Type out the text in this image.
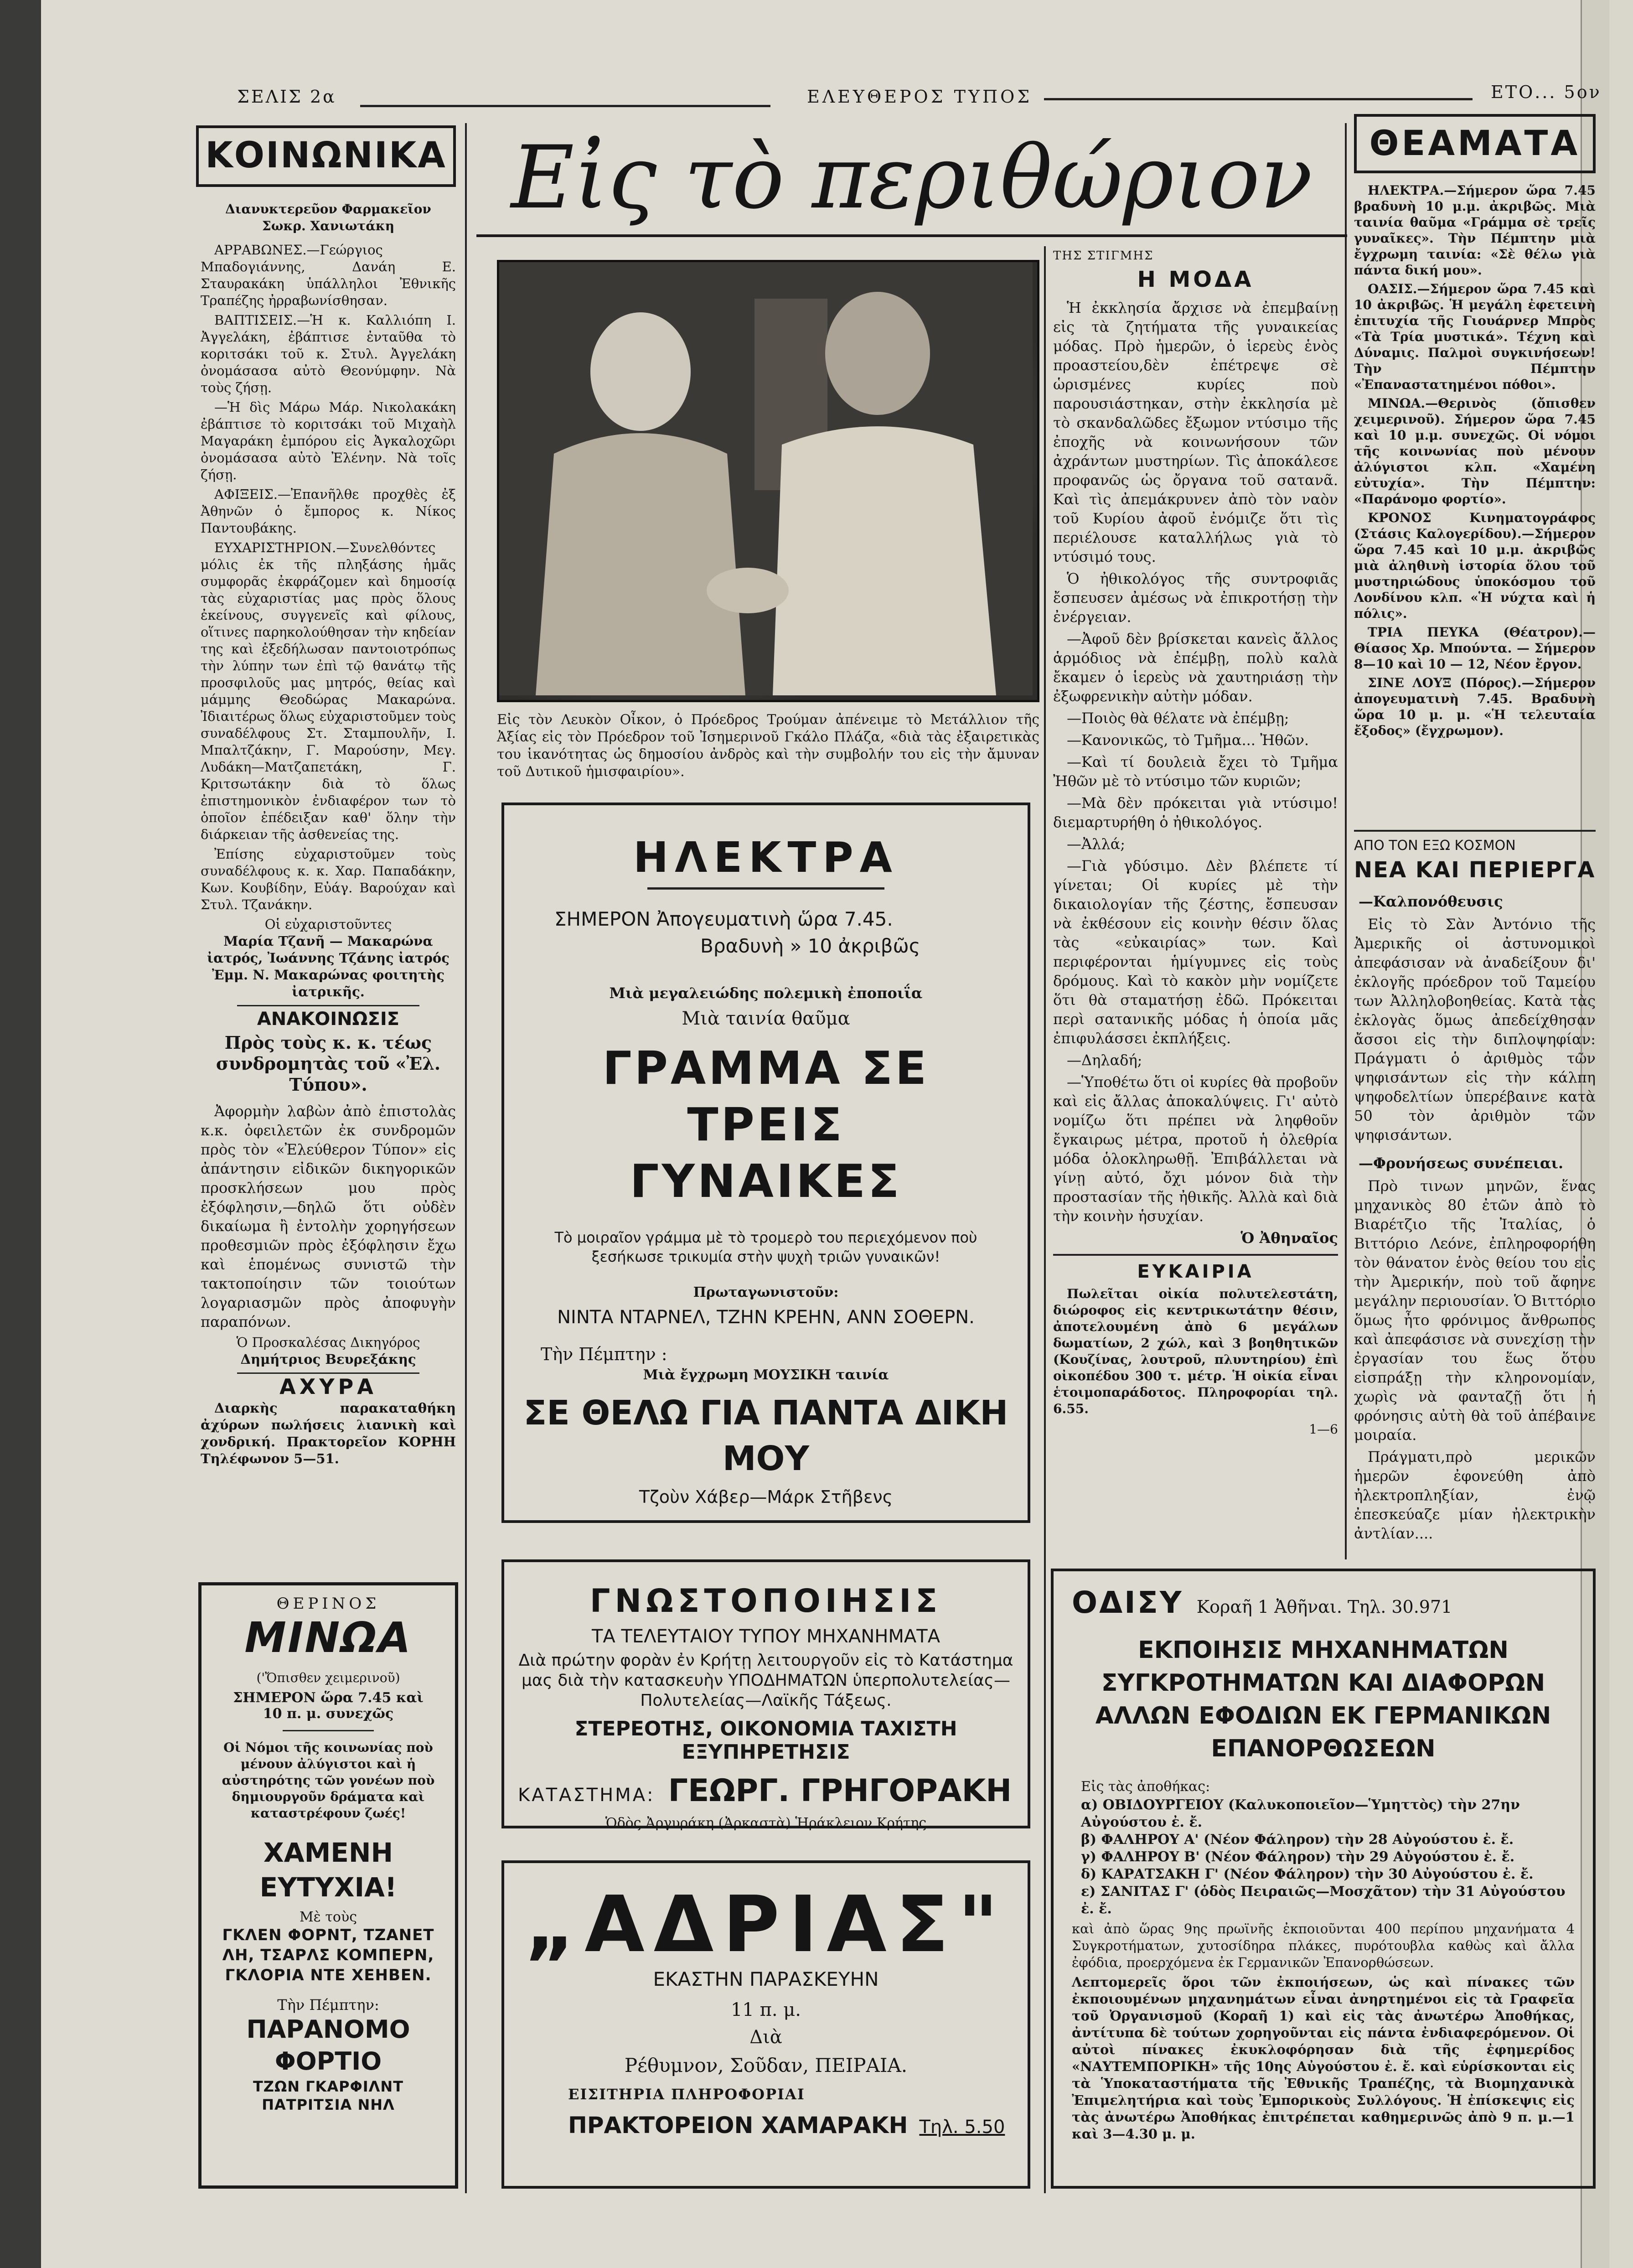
ΣΕΛΙΣ 2α	ΕΛΕΥΘΕΡΟΣ ΤΥΠΟΣ	ΕΤΟ... 5ον
ΚΟΙΝΩΝΙΚΑ
Διανυκτερεῦον Φαρμακεῖον
Σωκρ. Χανιωτάκη

ΑΡΡΑΒΩΝΕΣ.—Γεώργιος Μπαδογιάννης, Δανάη Ε. Σταυρακάκη ὑπάλληλοι Ἐθνικῆς Τραπέζης ἠρραβωνίσθησαν.

ΒΑΠΤΙΣΕΙΣ.—Ἡ κ. Καλλιόπη Ι. Ἀγγελάκη, ἐβάπτισε ἐνταῦθα τὸ κοριτσάκι τοῦ κ. Στυλ. Ἀγγελάκη ὀνομάσασα αὐτὸ Θεονύμφην. Νὰ τοὺς ζήσῃ.

—Ἡ δὶς Μάρω Μάρ. Νικολακάκη ἐβάπτισε τὸ κοριτσάκι τοῦ Μιχαὴλ Μαγαράκη ἐμπόρου εἰς Ἀγκαλοχῶρι ὀνομάσασα αὐτὸ Ἐλένην. Νὰ τοῖς ζήσῃ.

ΑΦΙΞΕΙΣ.—Ἐπανῆλθε προχθὲς ἐξ Ἀθηνῶν ὁ ἔμπορος κ. Νίκος Παντουβάκης.

ΕΥΧΑΡΙΣΤΗΡΙΟΝ.—Συνελθόντες μόλις ἐκ τῆς πληξάσης ἡμᾶς συμφορᾶς ἐκφράζομεν καὶ δημοσίᾳ τὰς εὐχαριστίας μας πρὸς ὅλους ἐκείνους, συγγενεῖς καὶ φίλους, οἵτινες παρηκολούθησαν τὴν κηδείαν της καὶ ἐξεδήλωσαν παντοιοτρόπως τὴν λύπην των ἐπὶ τῷ θανάτῳ τῆς προσφιλοῦς μας μητρός, θείας καὶ μάμμης Θεοδώρας Μακαρώνα. Ἰδιαιτέρως ὅλως εὐχαριστοῦμεν τοὺς συναδέλφους Στ. Σταμπουλῆν, Ι. Μπαλτζάκην, Γ. Μαρούσην, Μεγ. Λυδάκη—Ματζαπετάκη, Γ. Κριτσωτάκην διὰ τὸ ὅλως ἐπιστημονικὸν ἐνδιαφέρον των τὸ ὁποῖον ἐπέδειξαν καθ' ὅλην τὴν διάρκειαν τῆς ἀσθενείας της.

Ἐπίσης εὐχαριστοῦμεν τοὺς συναδέλφους κ. κ. Χαρ. Παπαδάκην, Κων. Κουβίδην, Εὐάγ. Βαρούχαν καὶ Στυλ. Τζανάκην.

Οἱ εὐχαριστοῦντες
Μαρία Τζανῆ — Μακαρώνα ἰατρός, Ἰωάννης Τζάνης ἰατρός Ἐμμ. Ν. Μακαρώνας φοιτητὴς ἰατρικῆς.
ΑΝΑΚΟΙΝΩΣΙΣ
Πρὸς τοὺς κ. κ. τέως συνδρομητὰς τοῦ «Ἐλ. Τύπου».

Ἀφορμὴν λαβὼν ἀπὸ ἐπιστολὰς κ.κ. ὀφειλετῶν ἐκ συνδρομῶν πρὸς τὸν «Ἐλεύθερον Τύπον» εἰς ἀπάντησιν εἰδικῶν δικηγορικῶν προσκλήσεων μου πρὸς ἐξόφλησιν,—δηλῶ ὅτι οὐδὲν δικαίωμα ἢ ἐντολὴν χορηγήσεων προθεσμιῶν πρὸς ἐξόφλησιν ἔχω καὶ ἑπομένως συνιστῶ τὴν τακτοποίησιν τῶν τοιούτων λογαριασμῶν πρὸς ἀποφυγὴν παραπόνων.

Ὁ Προσκαλέσας Δικηγόρος
Δημήτριος Βευρεξάκης
ΑΧΥΡΑ

Διαρκὴς παρακαταθήκη ἀχύρων πωλήσεις λιανικὴ καὶ χονδρική. Πρακτορεῖον ΚΟΡΗΗ Τηλέφωνον 5—51.

ΘΕΡΙΝΟΣ
ΜΙΝΩΑ
('Ὄπισθεν χειμερινοῦ)
ΣΗΜΕΡΟΝ ὥρα 7.45 καὶ
10 π. μ. συνεχῶς
Οἱ Νόμοι τῆς κοινωνίας ποὺ μένουν ἀλύγιστοι καὶ ἡ αὐστηρότης τῶν γονέων ποὺ δημιουργοῦν δράματα καὶ καταστρέφουν ζωές!
ΧΑΜΕΝΗ ΕΥΤΥΧΙΑ!
Μὲ τοὺς
ΓΚΛΕΝ ΦΟΡΝΤ, ΤΖΑΝΕΤ ΛΗ, ΤΣΑΡΛΣ ΚΟΜΠΕΡΝ, ΓΚΛΟΡΙΑ ΝΤΕ ΧΕΗΒΕΝ.
Τὴν Πέμπτην:
ΠΑΡΑΝΟΜΟ ΦΟΡΤΙΟ
ΤΖΩΝ ΓΚΑΡΦΙΛΝΤ ΠΑΤΡΙΤΣΙΑ ΝΗΛ
Εἰς τὸ περιθώριον
Εἰς τὸν Λευκὸν Οἶκον, ὁ Πρόεδρος Τρούμαν ἀπένειμε τὸ Μετάλλιον τῆς Ἀξίας εἰς τὸν Πρόεδρον τοῦ Ἰσημερινοῦ Γκάλο Πλάζα, «διὰ τὰς ἐξαιρετικὰς του ἱκανότητας ὡς δημοσίου ἀνδρὸς καὶ τὴν συμβολήν του εἰς τὴν ἄμυναν τοῦ Δυτικοῦ ἡμισφαιρίου».
ΗΛΕΚΤΡΑ
ΣΗΜΕΡΟΝ Ἀπογευματινὴ ὥρα 7.45.
Βραδυνὴ » 10 ἀκριβῶς
Μιὰ μεγαλειώδης πολεμικὴ ἐποποιΐα
Μιὰ ταινία θαῦμα
ΓΡΑΜΜΑ ΣΕ ΤΡΕΙΣ ΓΥΝΑΙΚΕΣ
Τὸ μοιραῖον γράμμα μὲ τὸ τρομερὸ του περιεχόμενον ποὺ ξεσήκωσε τρικυμία στὴν ψυχὴ τριῶν γυναικῶν!
Πρωταγωνιστοῦν:
ΝΙΝΤΑ ΝΤΑΡΝΕΛ, ΤΖΗΝ ΚΡΕΗΝ, ΑΝΝ ΣΟΘΕΡΝ.
Τὴν Πέμπτην :
Μιὰ ἔγχρωμη ΜΟΥΣΙΚΗ ταινία
ΣΕ ΘΕΛΩ ΓΙΑ ΠΑΝΤΑ ΔΙΚΗ ΜΟΥ
Τζοὺν Χάβερ—Μάρκ Στῆβενς
ΓΝΩΣΤΟΠΟΙΗΣΙΣ
ΤΑ ΤΕΛΕΥΤΑΙΟΥ ΤΥΠΟΥ ΜΗΧΑΝΗΜΑΤΑ
Διὰ πρώτην φορὰν ἐν Κρήτῃ λειτουργοῦν εἰς τὸ Κατάστημα μας διὰ τὴν κατασκευὴν ΥΠΟΔΗΜΑΤΩΝ ὑπερπολυτελείας—Πολυτελείας—Λαϊκῆς Τάξεως.
ΣΤΕΡΕΟΤΗΣ, ΟΙΚΟΝΟΜΙΑ ΤΑΧΙΣΤΗ ΕΞΥΠΗΡΕΤΗΣΙΣ
ΚΑΤΑΣΤΗΜΑ: ΓΕΩΡΓ. ΓΡΗΓΟΡΑΚΗ
Ὁδὸς Ἀργυράκη (Ἀρκαστὰ) Ἡράκλειον Κρήτης
„ΑΔΡΙΑΣ"
ΕΚΑΣΤΗΝ ΠΑΡΑΣΚΕΥΗΝ
11 π. μ.
Διὰ
Ρέθυμνον, Σοῦδαν, ΠΕΙΡΑΙΑ.
ΕΙΣΙΤΗΡΙΑ ΠΛΗΡΟΦΟΡΙΑΙ
ΠΡΑΚΤΟΡΕΙΟΝ ΧΑΜΑΡΑΚΗ Τηλ. 5.50
ΤΗΣ ΣΤΙΓΜΗΣ
Η ΜΟΔΑ

Ἡ ἐκκλησία ἄρχισε νὰ ἐπεμβαίνῃ εἰς τὰ ζητήματα τῆς γυναικείας μόδας. Πρὸ ἡμερῶν, ὁ ἱερεὺς ἑνὸς προαστείου,δὲν ἐπέτρεψε σὲ ὡρισμένες κυρίες ποὺ παρουσιάστηκαν, στὴν ἐκκλησία μὲ τὸ σκανδαλῶδες ἔξωμον ντύσιμο τῆς ἐποχῆς νὰ κοινωνήσουν τῶν ἀχράντων μυστηρίων. Τὶς ἀποκάλεσε προφανῶς ὡς ὄργανα τοῦ σατανᾶ. Καὶ τὶς ἀπεμάκρυνεν ἀπὸ τὸν ναὸν τοῦ Κυρίου ἀφοῦ ἐνόμιζε ὅτι τὶς περιέλουσε καταλλήλως γιὰ τὸ ντύσιμό τους.

Ὁ ἠθικολόγος τῆς συντροφιᾶς ἔσπευσεν ἀμέσως νὰ ἐπικροτήσῃ τὴν ἐνέργειαν.

—Ἀφοῦ δὲν βρίσκεται κανεὶς ἄλλος ἁρμόδιος νὰ ἐπέμβῃ, πολὺ καλὰ ἔκαμεν ὁ ἱερεὺς νὰ χαυτηριάσῃ τὴν ἐξωφρενικὴν αὐτὴν μόδαν.

—Ποιὸς θὰ θέλατε νὰ ἐπέμβῃ;

—Κανονικῶς, τὸ Τμῆμα... Ἠθῶν.

—Καὶ τί δουλειὰ ἔχει τὸ Τμῆμα Ἠθῶν μὲ τὸ ντύσιμο τῶν κυριῶν;

—Μὰ δὲν πρόκειται γιὰ ντύσιμο! διεμαρτυρήθη ὁ ἠθικολόγος.

—Ἀλλά;

—Γιὰ γδύσιμο. Δὲν βλέπετε τί γίνεται; Οἱ κυρίες μὲ τὴν δικαιολογίαν τῆς ζέστης, ἔσπευσαν νὰ ἐκθέσουν εἰς κοινὴν θέσιν ὅλας τὰς «εὐκαιρίας» των. Καὶ περιφέρονται ἡμίγυμνες εἰς τοὺς δρόμους. Καὶ τὸ κακὸν μὴν νομίζετε ὅτι θὰ σταματήσῃ ἐδῶ. Πρόκειται περὶ σατανικῆς μόδας ἡ ὁποία μᾶς ἐπιφυλάσσει ἐκπλήξεις.

—Δηλαδή;

—Ὑποθέτω ὅτι οἱ κυρίες θὰ προβοῦν καὶ εἰς ἄλλας ἀποκαλύψεις. Γι' αὐτὸ νομίζω ὅτι πρέπει νὰ ληφθοῦν ἔγκαιρως μέτρα, προτοῦ ἡ ὀλεθρία μόδα ὁλοκληρωθῇ. Ἐπιβάλλεται νὰ γίνῃ αὐτό, ὄχι μόνον διὰ τὴν προστασίαν τῆς ἠθικῆς. Ἀλλὰ καὶ διὰ τὴν κοινὴν ἡσυχίαν.

Ὁ Ἀθηναῖος
ΕΥΚΑΙΡΙΑ

Πωλεῖται οἰκία πολυτελεστάτη, διώροφος εἰς κεντρικωτάτην θέσιν, ἀποτελουμένη ἀπὸ 6 μεγάλων δωματίων, 2 χώλ, καὶ 3 βοηθητικῶν (Κουζίνας, λουτροῦ, πλυντηρίου) ἐπὶ οἰκοπέδου 300 τ. μέτρ. Ἡ οἰκία εἶναι ἑτοιμοπαράδοτος. Πληροφορίαι τηλ. 6.55.

1—6
ΘΕΑΜΑΤΑ

ΗΛΕΚΤΡΑ.—Σήμερον ὥρα 7.45 βραδυνὴ 10 μ.μ. ἀκριβῶς. Μιὰ ταινία θαῦμα «Γράμμα σὲ τρεῖς γυναῖκες». Τὴν Πέμπτην μιὰ ἔγχρωμη ταινία: «Σὲ θέλω γιὰ πάντα δική μου».

ΟΑΣΙΣ.—Σήμερον ὥρα 7.45 καὶ 10 ἀκριβῶς. Ἡ μεγάλη ἐφετεινὴ ἐπιτυχία τῆς Γιουάρνερ Μπρὸς «Τὰ Τρία μυστικά». Τέχνη καὶ Δύναμις. Παλμοὶ συγκινήσεων! Τὴν Πέμπτην «Ἐπαναστατημένοι πόθοι».

ΜΙΝΩΑ.—Θερινὸς (ὄπισθεν χειμερινοῦ). Σήμερον ὥρα 7.45 καὶ 10 μ.μ. συνεχῶς. Οἱ νόμοι τῆς κοινωνίας ποὺ μένουν ἀλύγιστοι κλπ. «Χαμένη εὐτυχία». Τὴν Πέμπτην: «Παράνομο φορτίο».

ΚΡΟΝΟΣ Κινηματογράφος (Στάσις Καλογερίδου).—Σήμερον ὥρα 7.45 καὶ 10 μ.μ. ἀκριβῶς μιὰ ἀληθινὴ ἱστορία ὅλου τοῦ μυστηριώδους ὑποκόσμου τοῦ Λονδίνου κλπ. «Ἡ νύχτα καὶ ἡ πόλις».

ΤΡΙΑ ΠΕΥΚΑ (Θέατρον).—Θίασος Χρ. Μπούντα. — Σήμερον 8—10 καὶ 10 — 12, Νέον ἔργον.

ΣΙΝΕ ΛΟΥΞ (Πόρος).—Σήμερον ἀπογευματινὴ 7.45. Βραδυνὴ ὥρα 10 μ. μ. «Ἡ τελευταία ἔξοδος» (ἔγχρωμον).

ΑΠΟ ΤΟΝ ΕΞΩ ΚΟΣΜΟΝ
ΝΕΑ ΚΑΙ ΠΕΡΙΕΡΓΑ
—Καλπονόθευσις

Εἰς τὸ Σὰν Ἀντόνιο τῆς Ἀμερικῆς οἱ ἀστυνομικοὶ ἀπεφάσισαν νὰ ἀναδείξουν δι' ἐκλογῆς πρόεδρον τοῦ Ταμείου των Ἀλληλοβοηθείας. Κατὰ τὰς ἐκλογὰς ὅμως ἀπεδείχθησαν ἄσσοι εἰς τὴν διπλοψηφίαν: Πράγματι ὁ ἀριθμὸς τῶν ψηφισάντων εἰς τὴν κάλπη ψηφοδελτίων ὑπερέβαινε κατὰ 50 τὸν ἀριθμὸν τῶν ψηφισάντων.

—Φρονήσεως συνέπειαι.

Πρὸ τινων μηνῶν, ἕνας μηχανικὸς 80 ἐτῶν ἀπὸ τὸ Βιαρέτζιο τῆς Ἰταλίας, ὁ Βιττόριο Λεόνε, ἐπληροφορήθη τὸν θάνατον ἑνὸς θείου του εἰς τὴν Ἀμερικήν, ποὺ τοῦ ἄφηνε μεγάλην περιουσίαν. Ὁ Βιττόριο ὅμως ἦτο φρόνιμος ἄνθρωπος καὶ ἀπεφάσισε νὰ συνεχίσῃ τὴν ἐργασίαν του ἕως ὅτου εἰσπράξῃ τὴν κληρονομίαν, χωρὶς νὰ φανταζῇ ὅτι ἡ φρόνησις αὐτὴ θὰ τοῦ ἀπέβαινε μοιραία.

Πράγματι,πρὸ μερικῶν ἡμερῶν ἐφονεύθη ἀπὸ ἠλεκτροπληξίαν, ἐνῷ ἐπεσκεύαζε μίαν ἠλεκτρικὴν ἀντλίαν....

ΟΔΙΣΥ Κοραῆ 1 Ἀθῆναι. Τηλ. 30.971
ΕΚΠΟΙΗΣΙΣ ΜΗΧΑΝΗΜΑΤΩΝ ΣΥΓΚΡΟΤΗΜΑΤΩΝ ΚΑΙ ΔΙΑΦΟΡΩΝ ΑΛΛΩΝ ΕΦΟΔΙΩΝ ΕΚ ΓΕΡΜΑΝΙΚΩΝ ΕΠΑΝΟΡΘΩΣΕΩΝ
Εἰς τὰς ἀποθήκας:
α) ΟΒΙΔΟΥΡΓΕΙΟΥ (Καλυκοποιεῖον—Ὑμηττὸς) τὴν 27ην Αὐγούστου ἐ. ἔ.
β) ΦΑΛΗΡΟΥ Α' (Νέον Φάληρον) τὴν 28 Αὐγούστου ἐ. ἔ.
γ) ΦΑΛΗΡΟΥ Β' (Νέον Φάληρον) τὴν 29 Αὐγούστου ἐ. ἔ.
δ) ΚΑΡΑΤΣΑΚΗ Γ' (Νέον Φάληρον) τὴν 30 Αὐγούστου ἐ. ἔ.
ε) ΣΑΝΙΤΑΣ Γ' (ὁδὸς Πειραιῶς—Μοσχᾶτον) τὴν 31 Αὐγούστου ἐ. ἔ.
καὶ ἀπὸ ὥρας 9ης πρωϊνῆς ἐκποιοῦνται 400 περίπου μηχανήματα 4 Συγκροτήματων, χυτοσίδηρα πλάκες, πυρότουβλα καθὼς καὶ ἄλλα ἐφόδια, προερχόμενα ἐκ Γερμανικῶν Ἐπανορθώσεων.
Λεπτομερεῖς ὅροι τῶν ἐκποιήσεων, ὡς καὶ πίνακες τῶν ἐκποιουμένων μηχανημάτων εἶναι ἀνηρτημένοι εἰς τὰ Γραφεῖα τοῦ Ὀργανισμοῦ (Κοραῆ 1) καὶ εἰς τὰς ἀνωτέρω Ἀποθήκας, ἀντίτυπα δὲ τούτων χορηγοῦνται εἰς πάντα ἐνδιαφερόμενον. Οἱ αὐτοὶ πίνακες ἐκυκλοφόρησαν διὰ τῆς ἐφημερίδος «ΝΑΥΤΕΜΠΟΡΙΚΗ» τῆς 10ης Αὐγούστου ἐ. ἔ. καὶ εὑρίσκονται εἰς τὰ Ὑποκαταστήματα τῆς Ἐθνικῆς Τραπέζης, τὰ Βιομηχανικὰ Ἐπιμελητήρια καὶ τοὺς Ἐμπορικοὺς Συλλόγους. Ἡ ἐπίσκεψις εἰς τὰς ἀνωτέρω Ἀποθήκας ἐπιτρέπεται καθημερινῶς ἀπὸ 9 π. μ.—1 καὶ 3—4.30 μ. μ.
